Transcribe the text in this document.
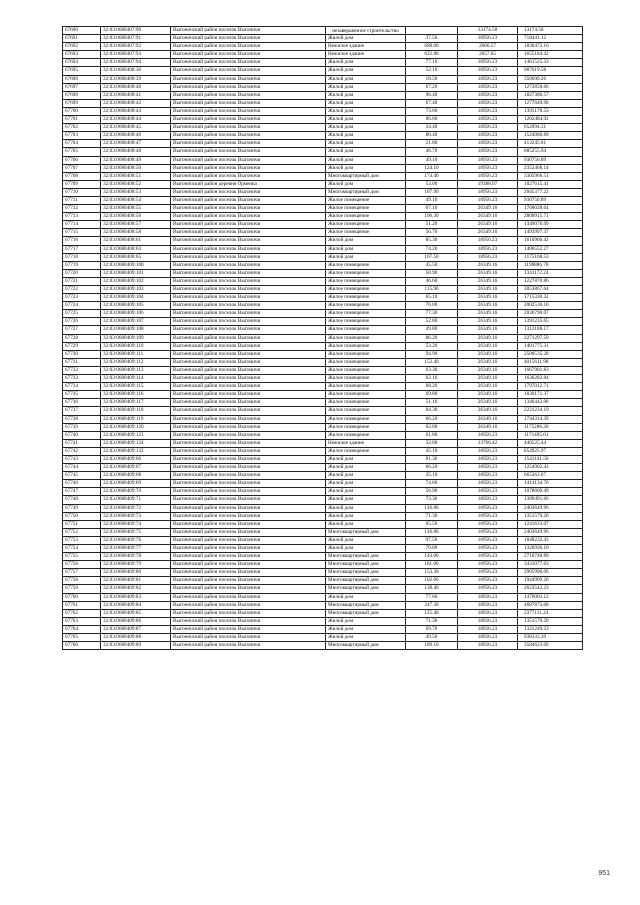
67690	32:03:0680407:90	Выгоничский район поселок Выгоничи	незавершенное строительство		13174.58	13174.58
67691	32:03:0680407:91	Выгоничский район поселок Выгоничи	Жилой дом	37.50	18956.23	718441.12
67692	32:03:0680407:92	Выгоничский район поселок Выгоничи	Нежилое здание	688.00	2660.57	1830472.16
67693	32:03:0680407:93	Выгоничский район поселок Выгоничи	Нежилое здание	622.80	2657.65	1655184.42
67694	32:03:0680407:94	Выгоничский район поселок Выгоничи	Жилой дом	77.10	18956.23	1461525.33
67695	32:03:0680408:36	Выгоничский район поселок Выгоничи	Жилой дом	52.10	18956.23	987619.58
67696	32:03:0680408:39	Выгоничский район поселок Выгоничи	Жилой дом	18.50	18956.23	350690.26
67697	32:03:0680408:40	Выгоничский район поселок Выгоничи	Жилой дом	67.20	18956.23	1273858.66
67698	32:03:0680408:41	Выгоничский район поселок Выгоничи	Жилой дом	96.40	18956.23	1827380.57
67699	32:03:0680408:42	Выгоничский район поселок Выгоничи	Жилой дом	67.40	18956.23	1277649.90
67700	32:03:0680408:43	Выгоничский район поселок Выгоничи	Жилой дом	73.60	18956.23	1395178.53
67701	32:03:0680408:44	Выгоничский район поселок Выгоничи	Жилой дом	66.60	18956.23	1262484.92
67702	32:03:0680408:45	Выгоничский район поселок Выгоничи	Жилой дом	34.40	18956.23	652094.31
67703	32:03:0680408:46	Выгоничский район поселок Выгоничи	Жилой дом	80.40	18956.23	1524080.89
67704	32:03:0680408:47	Выгоничский район поселок Выгоничи	Жилой дом	21.80	18956.23	413245.81
67705	32:03:0680408:48	Выгоничский район поселок Выгоничи	Жилой дом	46.70	18956.23	885255.94
67706	32:03:0680408:49	Выгоничский район поселок Выгоничи	Жилой дом	49.10	18956.23	930750.89
67707	32:03:0680408:50	Выгоничский район поселок Выгоничи	Жилой дом	124.10	18956.23	2352468.14
67708	32:03:0680408:51	Выгоничский район поселок Выгоничи	Многоквартирный дом	174.40	18956.23	3305966.51
67709	32:03:0680408:52	Выгоничский район деревня Орменка	Жилой дом	53.00	19388.97	1027615.41
67710	32:03:0680408:53	Выгоничский район поселок Выгоничи	Многоквартирный дом	107.90	18956.23	2045377.22
67711	32:03:0680408:54	Выгоничский район поселок Выгоничи	Жилое помещение	49.10	18956.23	930750.89
67712	32:03:0680408:55	Выгоничский район поселок Выгоничи	Жилое помещение	67.10	26349.16	1768028.64
67713	32:03:0680408:56	Выгоничский район поселок Выгоничи	Жилое помещение	106.30	26349.16	2800915.71
67714	32:03:0680408:57	Выгоничский район поселок Выгоничи	Жилое помещение	51.20	26349.16	1349076.99
67715	32:03:0680408:58	Выгоничский район поселок Выгоничи	Жилое помещение	56.70	26349.16	1493997.37
67716	32:03:0680408:61	Выгоничский район поселок Выгоничи	Жилой дом	85.30	18956.23	1616966.42
67717	32:03:0680408:63	Выгоничский район поселок Выгоничи	Жилой дом	74.20	18956.23	1406552.27
67718	32:03:0680408:65	Выгоничский район поселок Выгоничи	Жилой дом	167.50	18956.23	3175168.53
67719	32:03:0680409:100	Выгоничский район поселок Выгоничи	Жилое помещение	45.50	26349.16	1198886.78
67720	32:03:0680409:101	Выгоничский район поселок Выгоничи	Жилое помещение	50.90	26349.16	1341172.24
67721	32:03:0680409:102	Выгоничский район поселок Выгоничи	Жилое помещение	46.60	26349.16	1227870.86
67722	32:03:0680409:103	Выгоничский район поселок Выгоничи	Жилое помещение	115.90	26349.16	3053867.64
67723	32:03:0680409:104	Выгоничский район поселок Выгоничи	Жилое помещение	65.10	26349.16	1715330.32
67724	32:03:0680409:105	Выгоничский район поселок Выгоничи	Жилое помещение	76.00	26349.16	2002536.16
67725	32:03:0680409:106	Выгоничский район поселок Выгоничи	Жилое помещение	77.30	26349.16	2036790.07
67726	32:03:0680409:107	Выгоничский район поселок Выгоничи	Жилое помещение	52.80	26349.16	1391235.65
67727	32:03:0680409:108	Выгоничский район поселок Выгоничи	Жилое помещение	49.80	26349.16	1312188.17
67728	32:03:0680409:109	Выгоничский район поселок Выгоничи	Жилое помещение	86.20	26349.16	2271297.59
67729	32:03:0680409:110	Выгоничский район поселок Выгоничи	Жилое помещение	53.20	26349.16	1401775.31
67730	32:03:0680409:111	Выгоничский район поселок Выгоничи	Жилое помещение	94.90	26349.16	2500535.28
67731	32:03:0680409:112	Выгоничский район поселок Выгоничи	Жилое помещение	152.40	26349.16	4015611.98
67732	32:03:0680409:113	Выгоничский район поселок Выгоничи	Жилое помещение	63.30	26349.16	1667901.83
67733	32:03:0680409:114	Выгоничский район поселок Выгоничи	Жилое помещение	62.10	26349.16	1636282.84
67734	32:03:0680409:115	Выгоничский район поселок Выгоничи	Жилое помещение	68.20	26349.16	1797012.71
67735	32:03:0680409:116	Выгоничский район поселок Выгоничи	Жилое помещение	69.80	26349.16	1839171.37
67736	32:03:0680409:117	Выгоничский район поселок Выгоничи	Жилое помещение	51.10	26349.16	1346442.08
67737	32:03:0680409:118	Выгоничский район поселок Выгоничи	Жилое помещение	84.30	26349.16	2221234.19
67738	32:03:0680409:119	Выгоничский район поселок Выгоничи	Жилое помещение	66.20	26349.16	1744314.39
67739	32:03:0680409:120	Выгоничский район поселок Выгоничи	Жилое помещение	62.00	26349.16	1175286.26
67740	32:03:0680409:121	Выгоничский район поселок Выгоничи	Жилое помещение	61.80	18956.23	1171495.01
67741	32:03:0680409:124	Выгоничский район поселок Выгоничи	Нежилое здание	32.00	13766.42	440525.44
67742	32:03:0680409:132	Выгоничский район поселок Выгоничи	Жилое помещение	45.10	18956.23	854925.97
67743	32:03:0680409:66	Выгоничский район поселок Выгоничи	Жилой дом	81.30	18956.23	1541141.50
67744	32:03:0680409:67	Выгоничский район поселок Выгоничи	Жилой дом	66.20	18956.23	1254902.43
67745	32:03:0680409:68	Выгоничский район поселок Выгоничи	Жилой дом	35.10	18956.23	665363.67
67746	32:03:0680409:69	Выгоничский район поселок Выгоничи	Жилой дом	74.60	18956.23	1414134.76
67747	32:03:0680409:70	Выгоничский район поселок Выгоничи	Жилой дом	56.90	18956.23	1078609.49
67748	32:03:0680409:71	Выгоничский район поселок Выгоничи	Жилой дом	73.30	18956.23	1389491.66
67749	32:03:0680409:72	Выгоничский район поселок Выгоничи	Жилой дом	126.80	18956.23	2403649.96
67750	32:03:0680409:73	Выгоничский район поселок Выгоничи	Жилой дом	71.30	18956.23	1351579.20
67751	32:03:0680409:74	Выгоничский район поселок Выгоничи	Жилой дом	65.50	18956.23	1241633.07
67752	32:03:0680409:75	Выгоничский район поселок Выгоничи	Многоквартирный дом	126.80	18956.23	2403649.96
67753	32:03:0680409:76	Выгоничский район поселок Выгоничи	Жилой дом	97.50	18956.23	1848232.43
67754	32:03:0680409:77	Выгоничский район поселок Выгоничи	Жилой дом	70.00	18956.23	1326936.10
67755	32:03:0680409:78	Выгоничский район поселок Выгоничи	Многоквартирный дом	143.00	18956.23	2710740.89
67756	32:03:0680409:79	Выгоничский район поселок Выгоничи	Многоквартирный дом	181.00	18956.23	3431077.63
67757	32:03:0680409:80	Выгоничский район поселок Выгоничи	Многоквартирный дом	153.30	18956.23	2905990.06
67758	32:03:0680409:81	Выгоничский район поселок Выгоничи	Многоквартирный дом	102.60	18956.23	1944909.20
67759	32:03:0680409:82	Выгоничский район поселок Выгоничи	Многоквартирный дом	138.40	18956.23	2623542.23
67760	32:03:0680409:83	Выгоничский район поселок Выгоничи	Жилой дом	77.60	18956.23	1470003.12
67761	32:03:0680409:84	Выгоничский район поселок Выгоничи	Многоквартирный дом	247.30	18956.23	4687875.68
67762	32:03:0680409:85	Выгоничский район поселок Выгоничи	Многоквартирный дом	125.40	18956.23	2377111.24
67763	32:03:0680409:86	Выгоничский район поселок Выгоничи	Жилой дом	71.30	18956.23	1351579.20
67764	32:03:0680409:87	Выгоничский район поселок Выгоничи	Жилой дом	69.70	18956.23	1321249.23
67765	32:03:0680409:88	Выгоничский район поселок Выгоничи	Жилой дом	49.50	18956.23	938333.39
67766	32:03:0680409:89	Выгоничский район поселок Выгоничи	Многоквартирный дом	189.10	18956.23	3584623.09
951
